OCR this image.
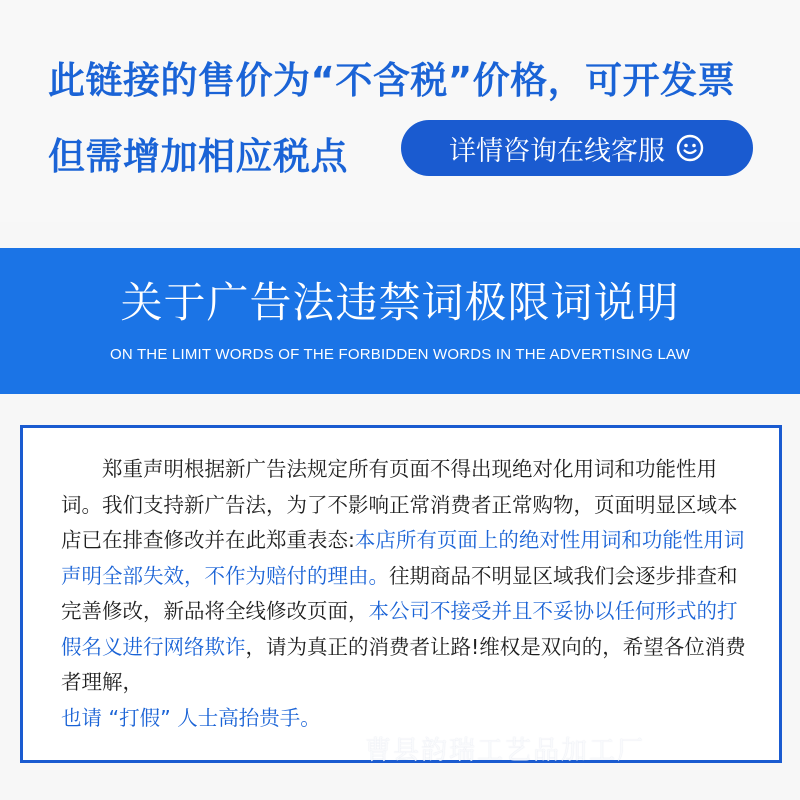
此链接的售价为“不含税”价格，可开发票
但需增加相应税点	详情咨询在线客服
关于广告法违禁词极限词说明
ON THE LIMIT WORDS OF THE FORBIDDEN WORDS IN THE ADVERTISING LAW
郑重声明根据新广告法规定所有页面不得出现绝对化用词和功能性用词。我们支持新广告法，为了不影响正常消费者正常购物，页面明显区域本店已在排查修改并在此郑重表态:本店所有页面上的绝对性用词和功能性用词声明全部失效，不作为赔付的理由。往期商品不明显区域我们会逐步排查和完善修改，新品将全线修改页面，本公司不接受并且不妥协以任何形式的打假名义进行网络欺诈，请为真正的消费者让路!维权是双向的，希望各位消费者理解，
也请 “打假” 人士高抬贵手。
曹县韵瑞工艺品加工厂
